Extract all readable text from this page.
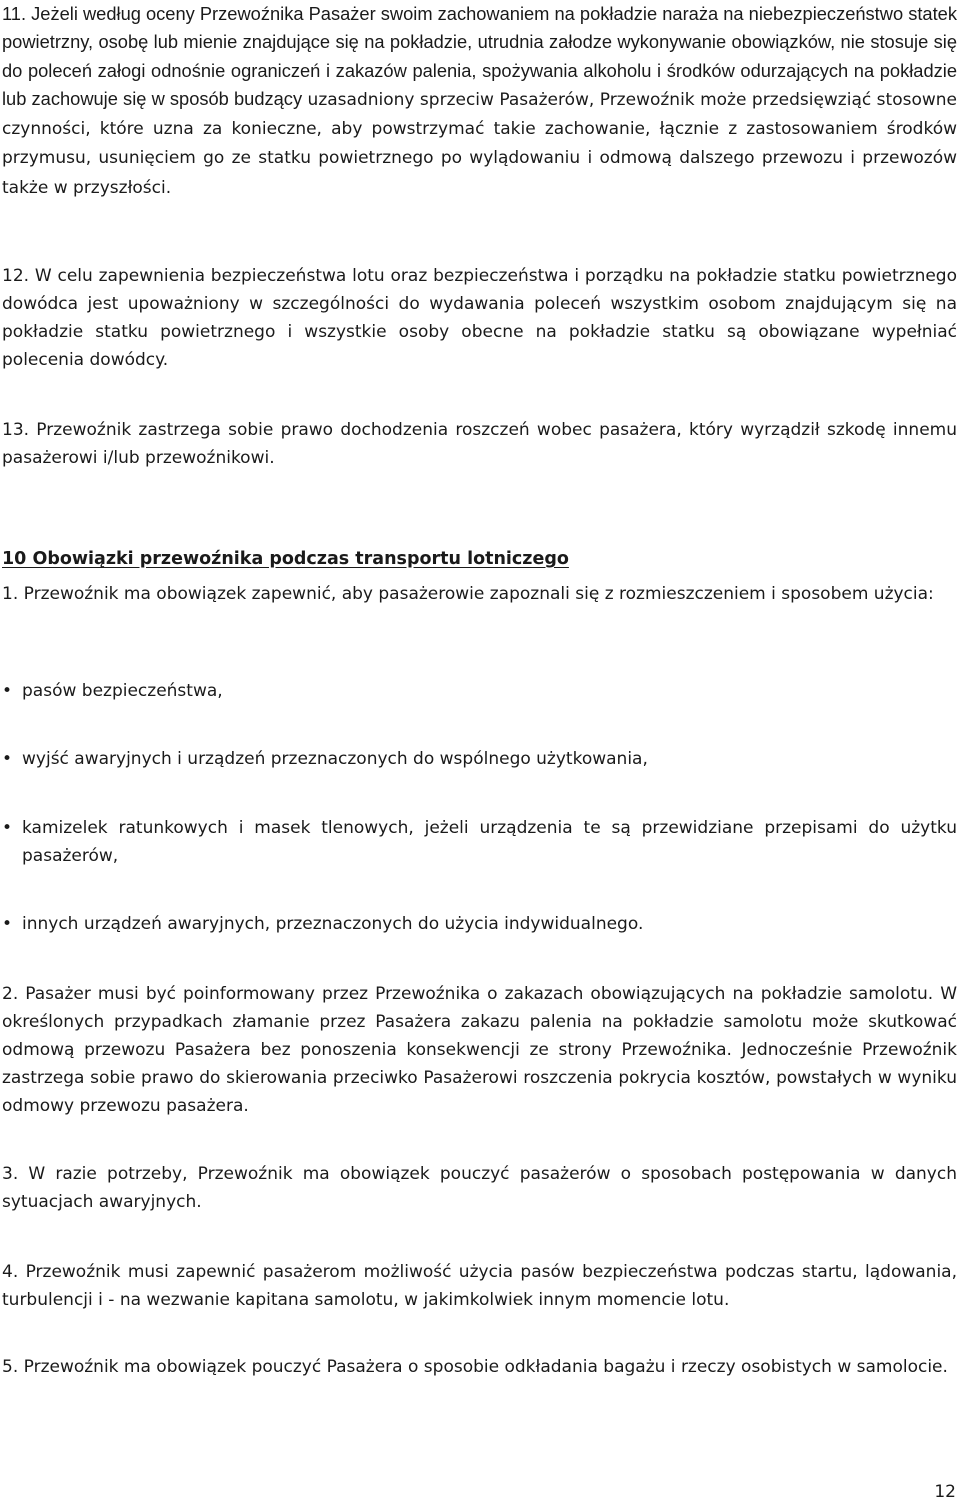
11. Jeżeli według oceny Przewoźnika Pasażer swoim zachowaniem na pokładzie naraża na niebezpieczeństwo statek powietrzny, osobę lub mienie znajdujące się na pokładzie, utrudnia załodze wykonywanie obowiązków, nie stosuje się do poleceń załogi odnośnie ograniczeń i zakazów palenia, spożywania alkoholu i środków odurzających na pokładzie lub zachowuje się w sposób budzący uzasadniony sprzeciw Pasażerów, Przewoźnik może przedsięwziąć stosowne czynności, które uzna za konieczne, aby powstrzymać takie zachowanie, łącznie z zastosowaniem środków przymusu, usunięciem go ze statku powietrznego po wylądowaniu i odmową dalszego przewozu i przewozów także w przyszłości.

12. W celu zapewnienia bezpieczeństwa lotu oraz bezpieczeństwa i porządku na pokładzie statku powietrznego dowódca jest upoważniony w szczególności do wydawania poleceń wszystkim osobom znajdującym się na pokładzie statku powietrznego i wszystkie osoby obecne na pokładzie statku są obowiązane wypełniać polecenia dowódcy.

13. Przewoźnik zastrzega sobie prawo dochodzenia roszczeń wobec pasażera, który wyrządził szkodę innemu pasażerowi i/lub przewoźnikowi.

10 Obowiązki przewoźnika podczas transportu lotniczego

1. Przewoźnik ma obowiązek zapewnić, aby pasażerowie zapoznali się z rozmieszczeniem i sposobem użycia:

• pasów bezpieczeństwa,

• wyjść awaryjnych i urządzeń przeznaczonych do wspólnego użytkowania,

• kamizelek ratunkowych i masek tlenowych, jeżeli urządzenia te są przewidziane przepisami do użytku pasażerów,

• innych urządzeń awaryjnych, przeznaczonych do użycia indywidualnego.

2. Pasażer musi być poinformowany przez Przewoźnika o zakazach obowiązujących na pokładzie samolotu. W określonych przypadkach złamanie przez Pasażera zakazu palenia na pokładzie samolotu może skutkować odmową przewozu Pasażera bez ponoszenia konsekwencji ze strony Przewoźnika. Jednocześnie Przewoźnik zastrzega sobie prawo do skierowania przeciwko Pasażerowi roszczenia pokrycia kosztów, powstałych w wyniku odmowy przewozu pasażera.

3. W razie potrzeby, Przewoźnik ma obowiązek pouczyć pasażerów o sposobach postępowania w danych sytuacjach awaryjnych.

4. Przewoźnik musi zapewnić pasażerom możliwość użycia pasów bezpieczeństwa podczas startu, lądowania, turbulencji i - na wezwanie kapitana samolotu, w jakimkolwiek innym momencie lotu.

5. Przewoźnik ma obowiązek pouczyć Pasażera o sposobie odkładania bagażu i rzeczy osobistych w samolocie.

12
